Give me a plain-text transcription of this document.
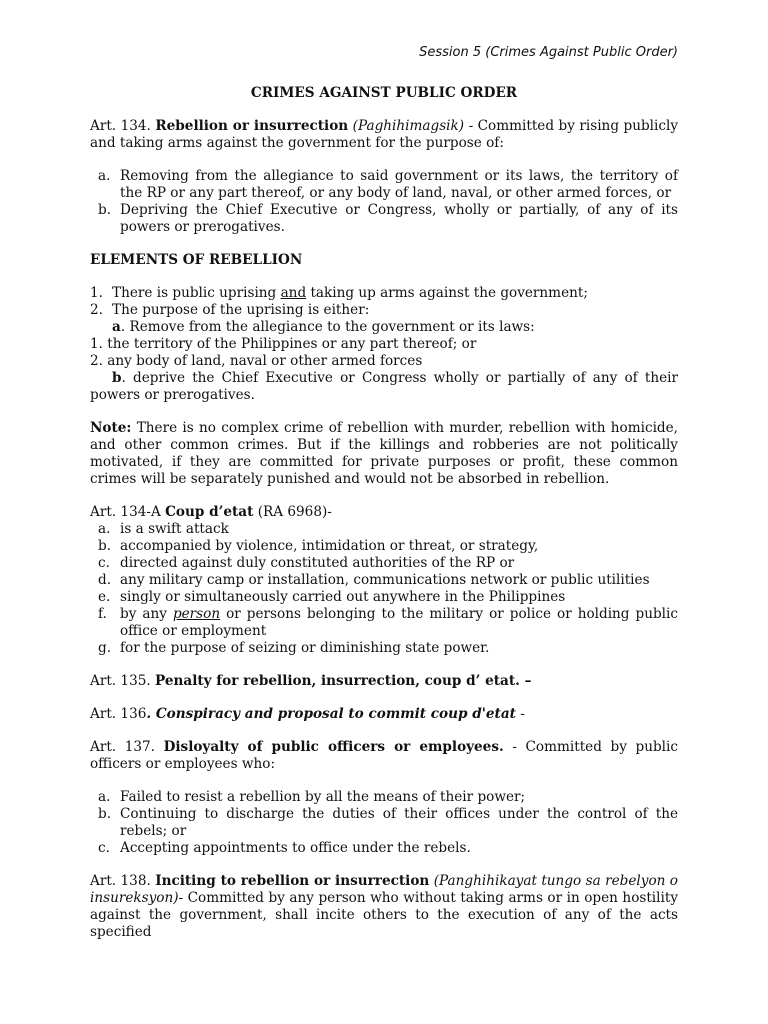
Session 5 (Crimes Against Public Order)
CRIMES AGAINST PUBLIC ORDER

Art. 134. Rebellion or insurrection (Paghihimagsik) - Committed by rising publicly and taking arms against the government for the purpose of:

a. Removing from the allegiance to said government or its laws, the territory of the RP or any part thereof, or any body of land, naval, or other armed forces, or
b. Depriving the Chief Executive or Congress, wholly or partially, of any of its powers or prerogatives.

ELEMENTS OF REBELLION

1. There is public uprising and taking up arms against the government;
2. The purpose of the uprising is either:
a. Remove from the allegiance to the government or its laws:
1. the territory of the Philippines or any part thereof; or
2. any body of land, naval or other armed forces

b. deprive the Chief Executive or Congress wholly or partially of any of their powers or prerogatives.

Note: There is no complex crime of rebellion with murder, rebellion with homicide, and other common crimes. But if the killings and robberies are not politically motivated, if they are committed for private purposes or profit, these common crimes will be separately punished and would not be absorbed in rebellion.

Art. 134-A Coup d’etat (RA 6968)-

a. is a swift attack
b. accompanied by violence, intimidation or threat, or strategy,
c. directed against duly constituted authorities of the RP or
d. any military camp or installation, communications network or public utilities
e. singly or simultaneously carried out anywhere in the Philippines
f. by any person or persons belonging to the military or police or holding public office or employment
g. for the purpose of seizing or diminishing state power.

Art. 135. Penalty for rebellion, insurrection, coup d’ etat. –

Art. 136. Conspiracy and proposal to commit coup d'etat -

Art. 137. Disloyalty of public officers or employees. - Committed by public officers or employees who:

a. Failed to resist a rebellion by all the means of their power;
b. Continuing to discharge the duties of their offices under the control of the rebels; or
c. Accepting appointments to office under the rebels.

Art. 138. Inciting to rebellion or insurrection (Panghihikayat tungo sa rebelyon o insureksyon)- Committed by any person who without taking arms or in open hostility against the government, shall incite others to the execution of any of the acts specified
